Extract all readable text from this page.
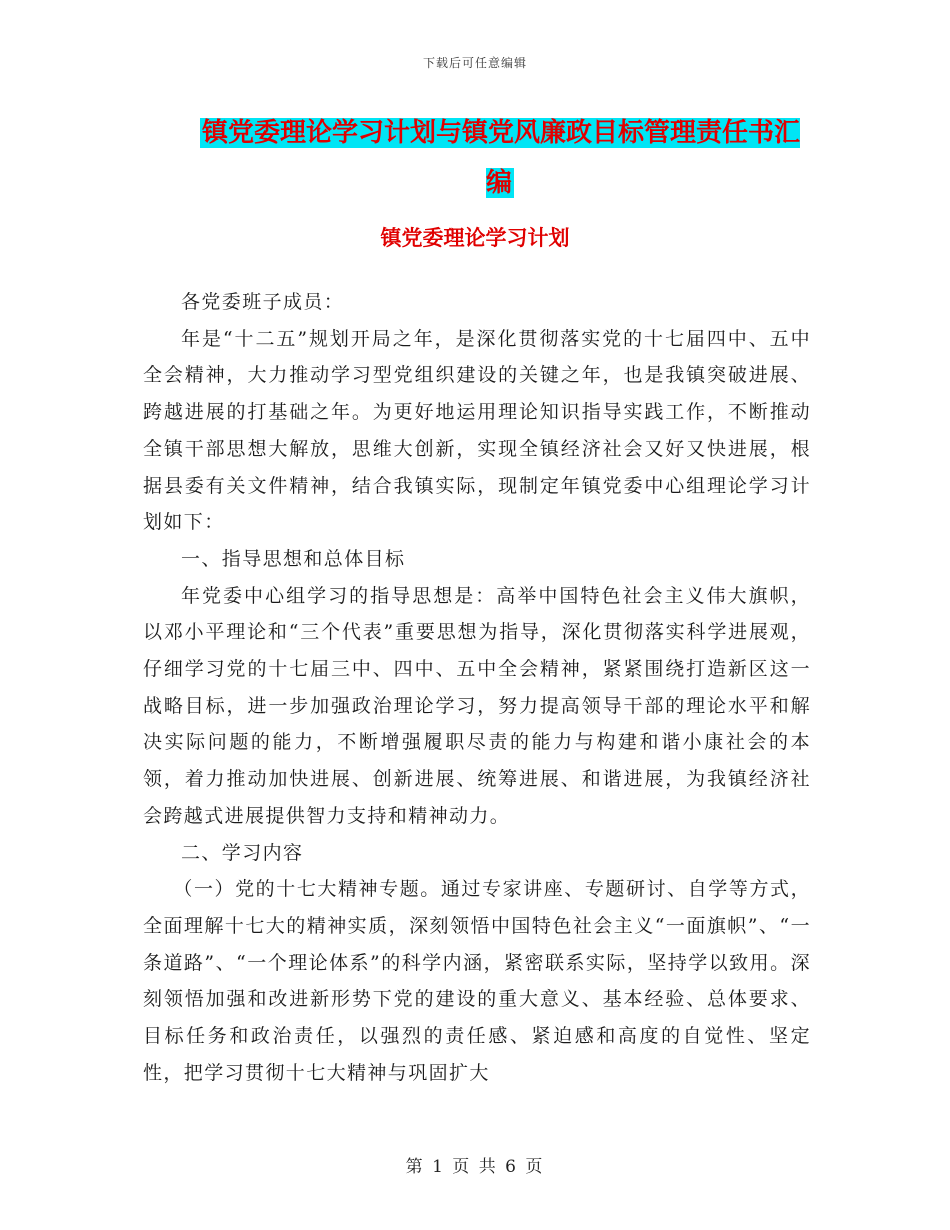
下载后可任意编辑
镇党委理论学习计划与镇党风廉政目标管理责任书汇编
镇党委理论学习计划

各党委班子成员：

年是“十二五”规划开局之年，是深化贯彻落实党的十七届四中、五中全会精神，大力推动学习型党组织建设的关键之年，也是我镇突破进展、跨越进展的打基础之年。为更好地运用理论知识指导实践工作，不断推动全镇干部思想大解放，思维大创新，实现全镇经济社会又好又快进展，根据县委有关文件精神，结合我镇实际，现制定年镇党委中心组理论学习计划如下：

一、指导思想和总体目标

年党委中心组学习的指导思想是：高举中国特色社会主义伟大旗帜，以邓小平理论和“三个代表”重要思想为指导，深化贯彻落实科学进展观，仔细学习党的十七届三中、四中、五中全会精神，紧紧围绕打造新区这一战略目标，进一步加强政治理论学习，努力提高领导干部的理论水平和解决实际问题的能力，不断增强履职尽责的能力与构建和谐小康社会的本领，着力推动加快进展、创新进展、统筹进展、和谐进展，为我镇经济社会跨越式进展提供智力支持和精神动力。

二、学习内容

（一）党的十七大精神专题。通过专家讲座、专题研讨、自学等方式，全面理解十七大的精神实质，深刻领悟中国特色社会主义“一面旗帜”、“一条道路”、“一个理论体系”的科学内涵，紧密联系实际，坚持学以致用。深刻领悟加强和改进新形势下党的建设的重大意义、基本经验、总体要求、目标任务和政治责任，以强烈的责任感、紧迫感和高度的自觉性、坚定性，把学习贯彻十七大精神与巩固扩大

第 1 页 共 6 页
